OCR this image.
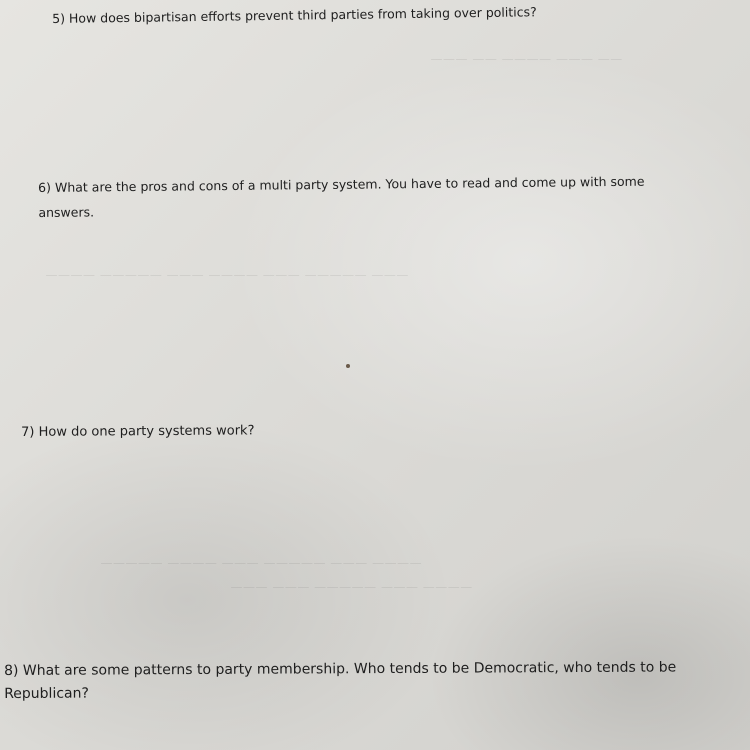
—— ——— ———— —— ———
——— ————— ——— ———— ——— ————— ————
———— ——— ————— ——— ———— —————
———— ——— ————— ——— ———

5) How does bipartisan efforts prevent third parties from taking over politics?

6) What are the pros and cons of a multi party system. You have to read and come up with some
answers.

7) How do one party systems work?

8) What are some patterns to party membership. Who tends to be Democratic, who tends to be
Republican?
